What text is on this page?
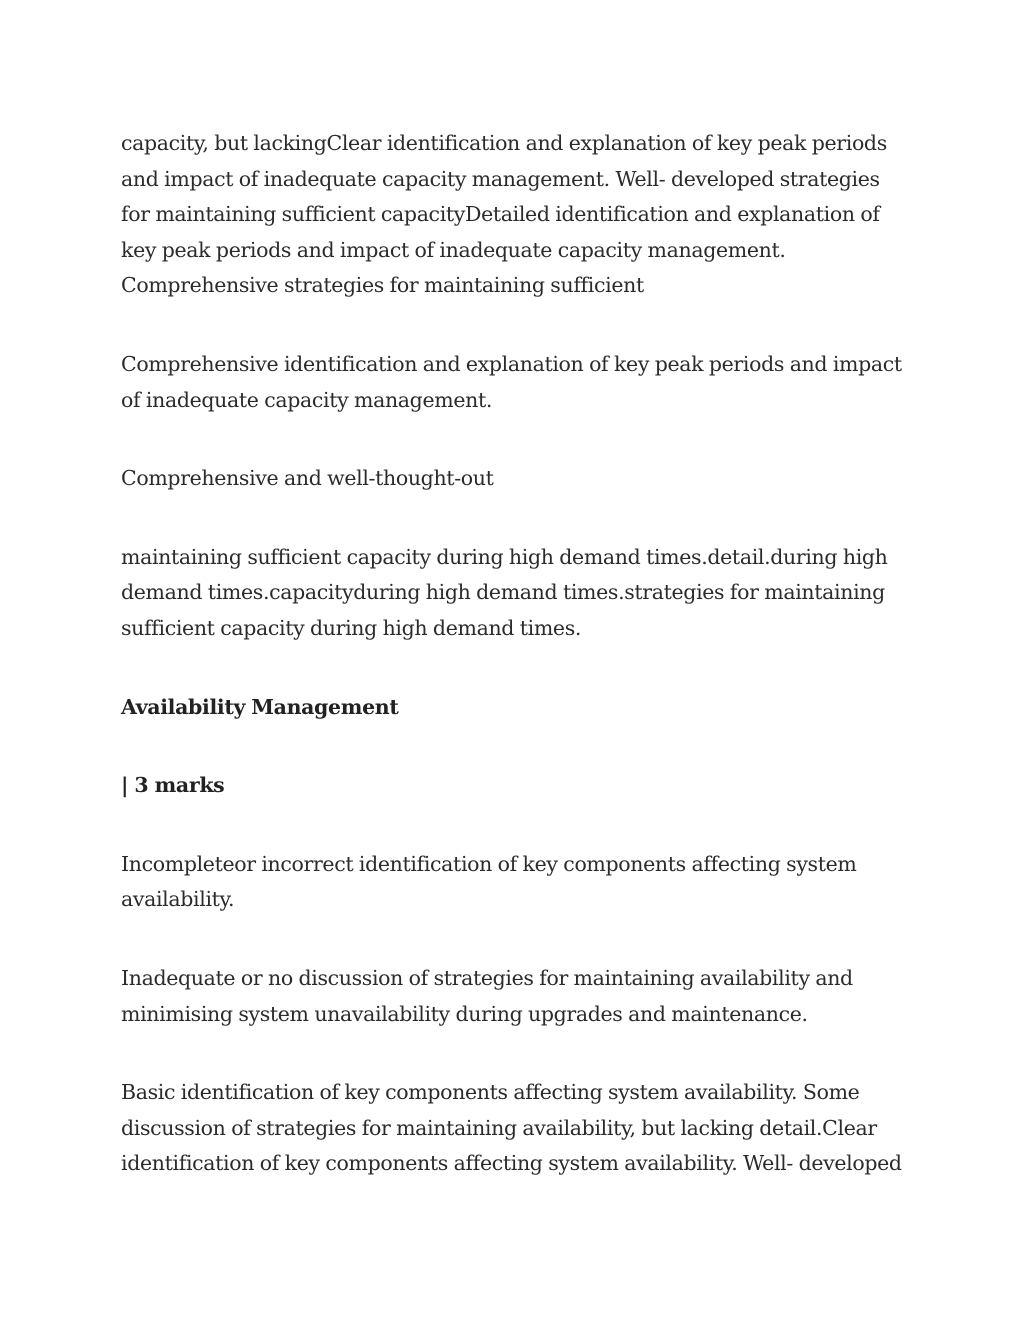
capacity, but lackingClear identification and explanation of key peak periods and impact of inadequate capacity management. Well- developed strategies for maintaining sufficient capacityDetailed identification and explanation of key peak periods and impact of inadequate capacity management. Comprehensive strategies for maintaining sufficient

Comprehensive identification and explanation of key peak periods and impact of inadequate capacity management.

Comprehensive and well-thought-out

maintaining sufficient capacity during high demand times.detail.during high demand times.capacityduring high demand times.strategies for maintaining sufficient capacity during high demand times.

Availability Management

| 3 marks

Incompleteor incorrect identification of key components affecting system availability.

Inadequate or no discussion of strategies for maintaining availability and minimising system unavailability during upgrades and maintenance.

Basic identification of key components affecting system availability. Some discussion of strategies for maintaining availability, but lacking detail.Clear identification of key components affecting system availability. Well- developed
